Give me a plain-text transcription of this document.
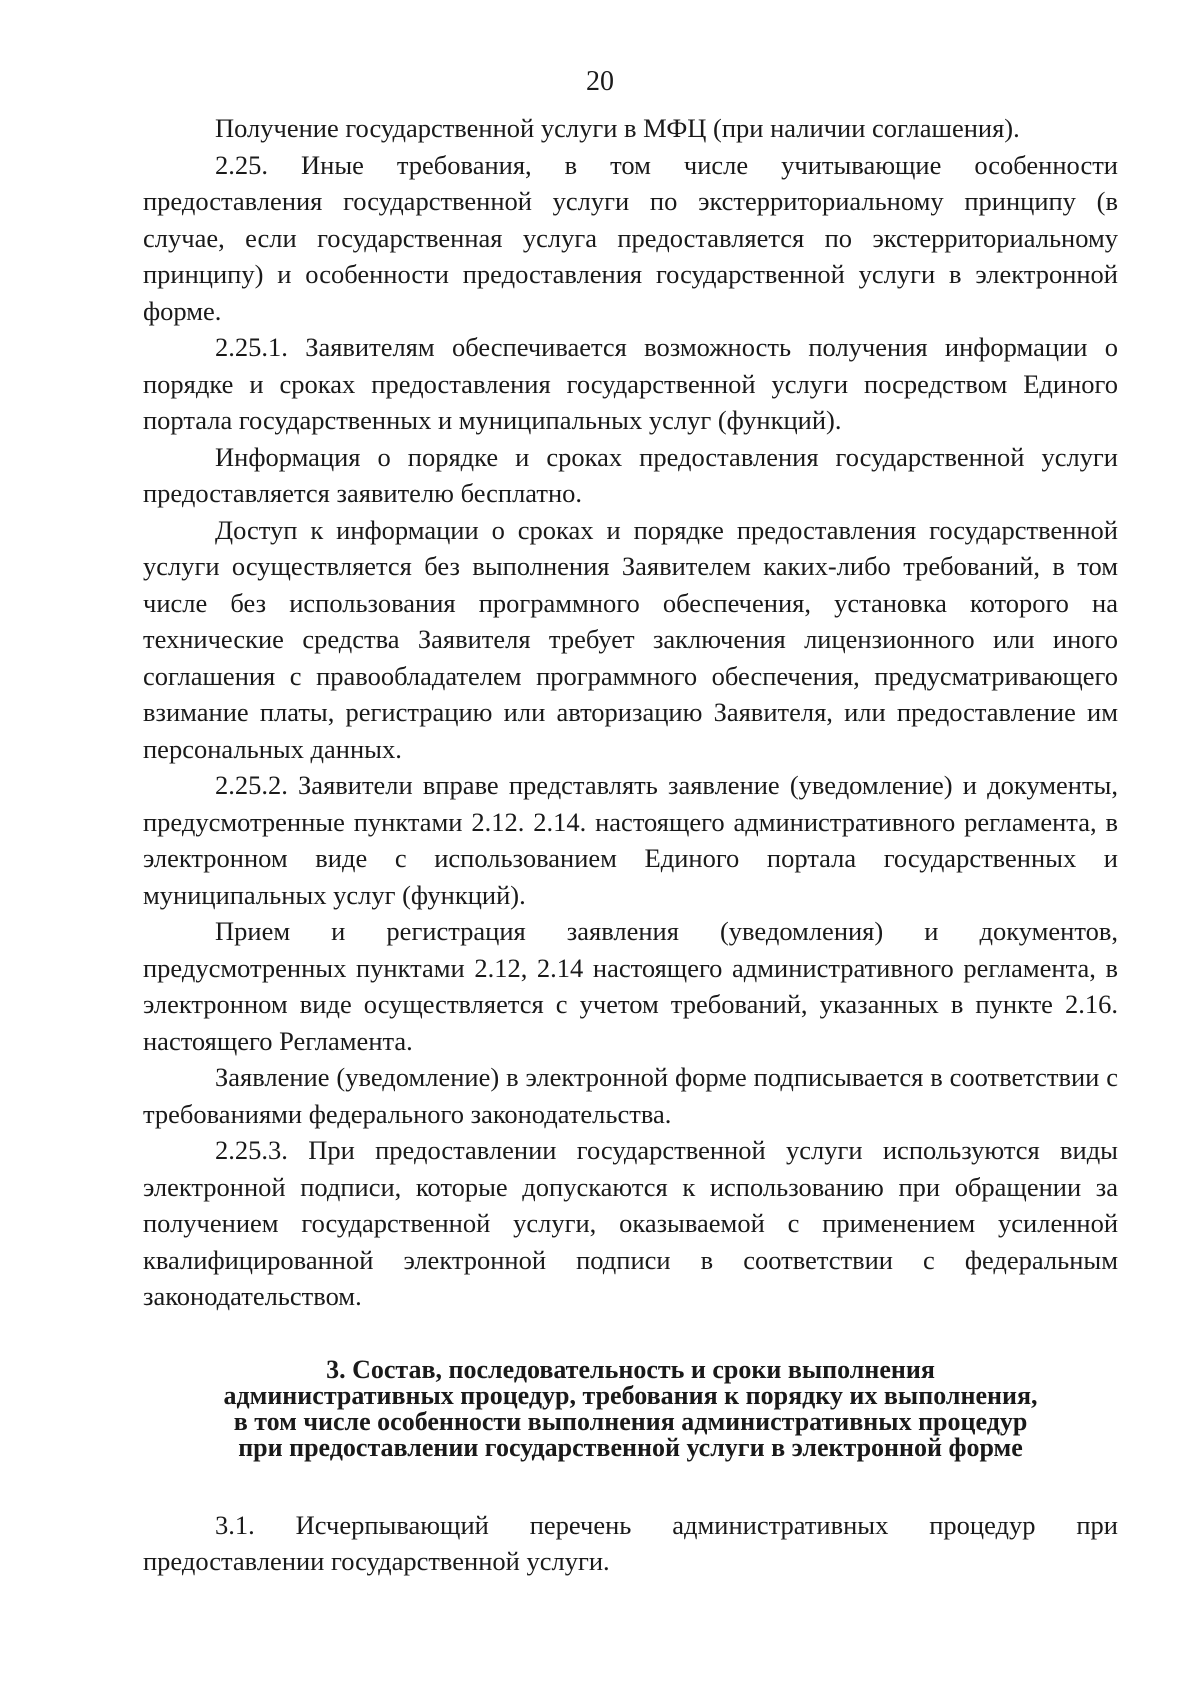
20

Получение государственной услуги в МФЦ (при наличии соглашения).

2.25. Иные требования, в том числе учитывающие особенности предоставления государственной услуги по экстерриториальному принципу (в случае, если государственная услуга предоставляется по экстерриториальному принципу) и особенности предоставления государственной услуги в электронной форме.

2.25.1. Заявителям обеспечивается возможность получения информации о порядке и сроках предоставления государственной услуги посредством Единого портала государственных и муниципальных услуг (функций).

Информация о порядке и сроках предоставления государственной услуги предоставляется заявителю бесплатно.

Доступ к информации о сроках и порядке предоставления государственной услуги осуществляется без выполнения Заявителем каких-либо требований, в том числе без использования программного обеспечения, установка которого на технические средства Заявителя требует заключения лицензионного или иного соглашения с правообладателем программного обеспечения, предусматривающего взимание платы, регистрацию или авторизацию Заявителя, или предоставление им персональных данных.

2.25.2. Заявители вправе представлять заявление (уведомление) и документы, предусмотренные пунктами 2.12. 2.14. настоящего административного регламента, в электронном виде с использованием Единого портала государственных и муниципальных услуг (функций).

Прием и регистрация заявления (уведомления) и документов, предусмотренных пунктами 2.12, 2.14 настоящего административного регламента, в электронном виде осуществляется с учетом требований, указанных в пункте 2.16. настоящего Регламента.

Заявление (уведомление) в электронной форме подписывается в соответствии с требованиями федерального законодательства.

2.25.3. При предоставлении государственной услуги используются виды электронной подписи, которые допускаются к использованию при обращении за получением государственной услуги, оказываемой с применением усиленной квалифицированной электронной подписи в соответствии с федеральным законодательством.

3. Состав, последовательность и сроки выполнения
административных процедур, требования к порядку их выполнения,
в том числе особенности выполнения административных процедур
при предоставлении государственной услуги в электронной форме

3.1. Исчерпывающий перечень административных процедур при предоставлении государственной услуги.
